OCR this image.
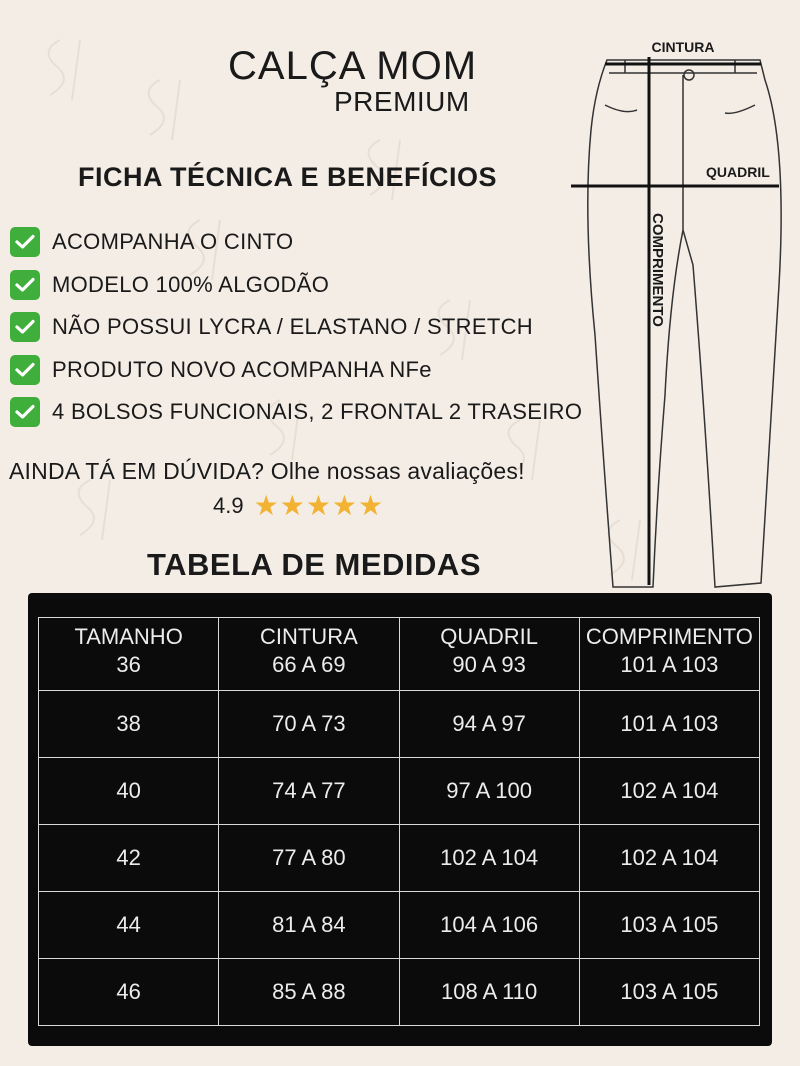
CALÇA MOM
PREMIUM
FICHA TÉCNICA E BENEFÍCIOS
ACOMPANHA O CINTO
MODELO 100% ALGODÃO
NÃO POSSUI LYCRA / ELASTANO / STRETCH
PRODUTO NOVO ACOMPANHA NFe
4 BOLSOS FUNCIONAIS, 2 FRONTAL 2 TRASEIRO
AINDA TÁ EM DÚVIDA? Olhe nossas avaliações!
4.9 ★ ★ ★ ★ ★
CINTURA
QUADRIL
COMPRIMENTO
TABELA DE MEDIDAS
TAMANHO	CINTURA	QUADRIL	COMPRIMENTO
36	66 A 69	90 A 93	101 A 103
38	70 A 73	94 A 97	101 A 103
40	74 A 77	97 A 100	102 A 104
42	77 A 80	102 A 104	102 A 104
44	81 A 84	104 A 106	103 A 105
46	85 A 88	108 A 110	103 A 105
